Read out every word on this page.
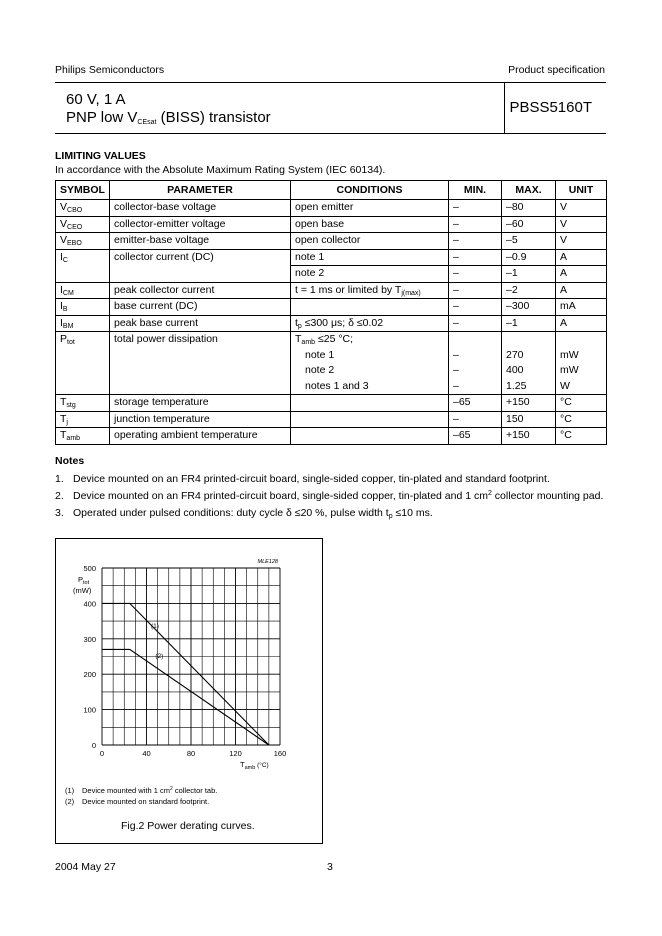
Philips Semiconductors	Product specification
60 V, 1 A
PNP low $V_{CEsat}$ (BISS) transistor
PBSS5160T
LIMITING VALUES
In accordance with the Absolute Maximum Rating System (IEC 60134).
SYMBOL	PARAMETER	CONDITIONS	MIN.	MAX.	UNIT
$V_{CBO}$	collector-base voltage	open emitter	–	–80	V
$V_{CEO}$	collector-emitter voltage	open base	–	–60	V
$V_{EBO}$	emitter-base voltage	open collector	–	–5	V
$I_C$	collector current (DC)	note 1	–	–0.9	A
		note 2	–	–1	A
$I_{CM}$	peak collector current	t = 1 ms or limited by $T_{j(max)}$	–	–2	A
$I_B$	base current (DC)		–	–300	mA
$I_{BM}$	peak base current	$t_p \le 300$ μs; δ ≤0.02	–	–1	A
$P_{tot}$	total power dissipation	$T_{amb} \le 25$ °C;			
		note 1	–	270	mW
		note 2	–	400	mW
		notes 1 and 3	–	1.25	W
$T_{stg}$	storage temperature		–65	+150	°C
$T_j$	junction temperature		–	150	°C
$T_{amb}$	operating ambient temperature		–65	+150	°C
Notes
1. Device mounted on an FR4 printed-circuit board, single-sided copper, tin-plated and standard footprint.
2. Device mounted on an FR4 printed-circuit board, single-sided copper, tin-plated and 1 $cm^2$ collector mounting pad.
3. Operated under pulsed conditions: duty cycle δ ≤20 %, pulse width $t_p \le 10$ ms.
0	40	80	120	160
0
100
200
300
400
500
(1)
(2)
$P_{tot}$
(mW)
$T_{amb}$ (°C)
MLE128
(1) Device mounted with 1 $cm^2$ collector tab.
(2) Device mounted on standard footprint.
Fig.2 Power derating curves.
2004 May 27	3
